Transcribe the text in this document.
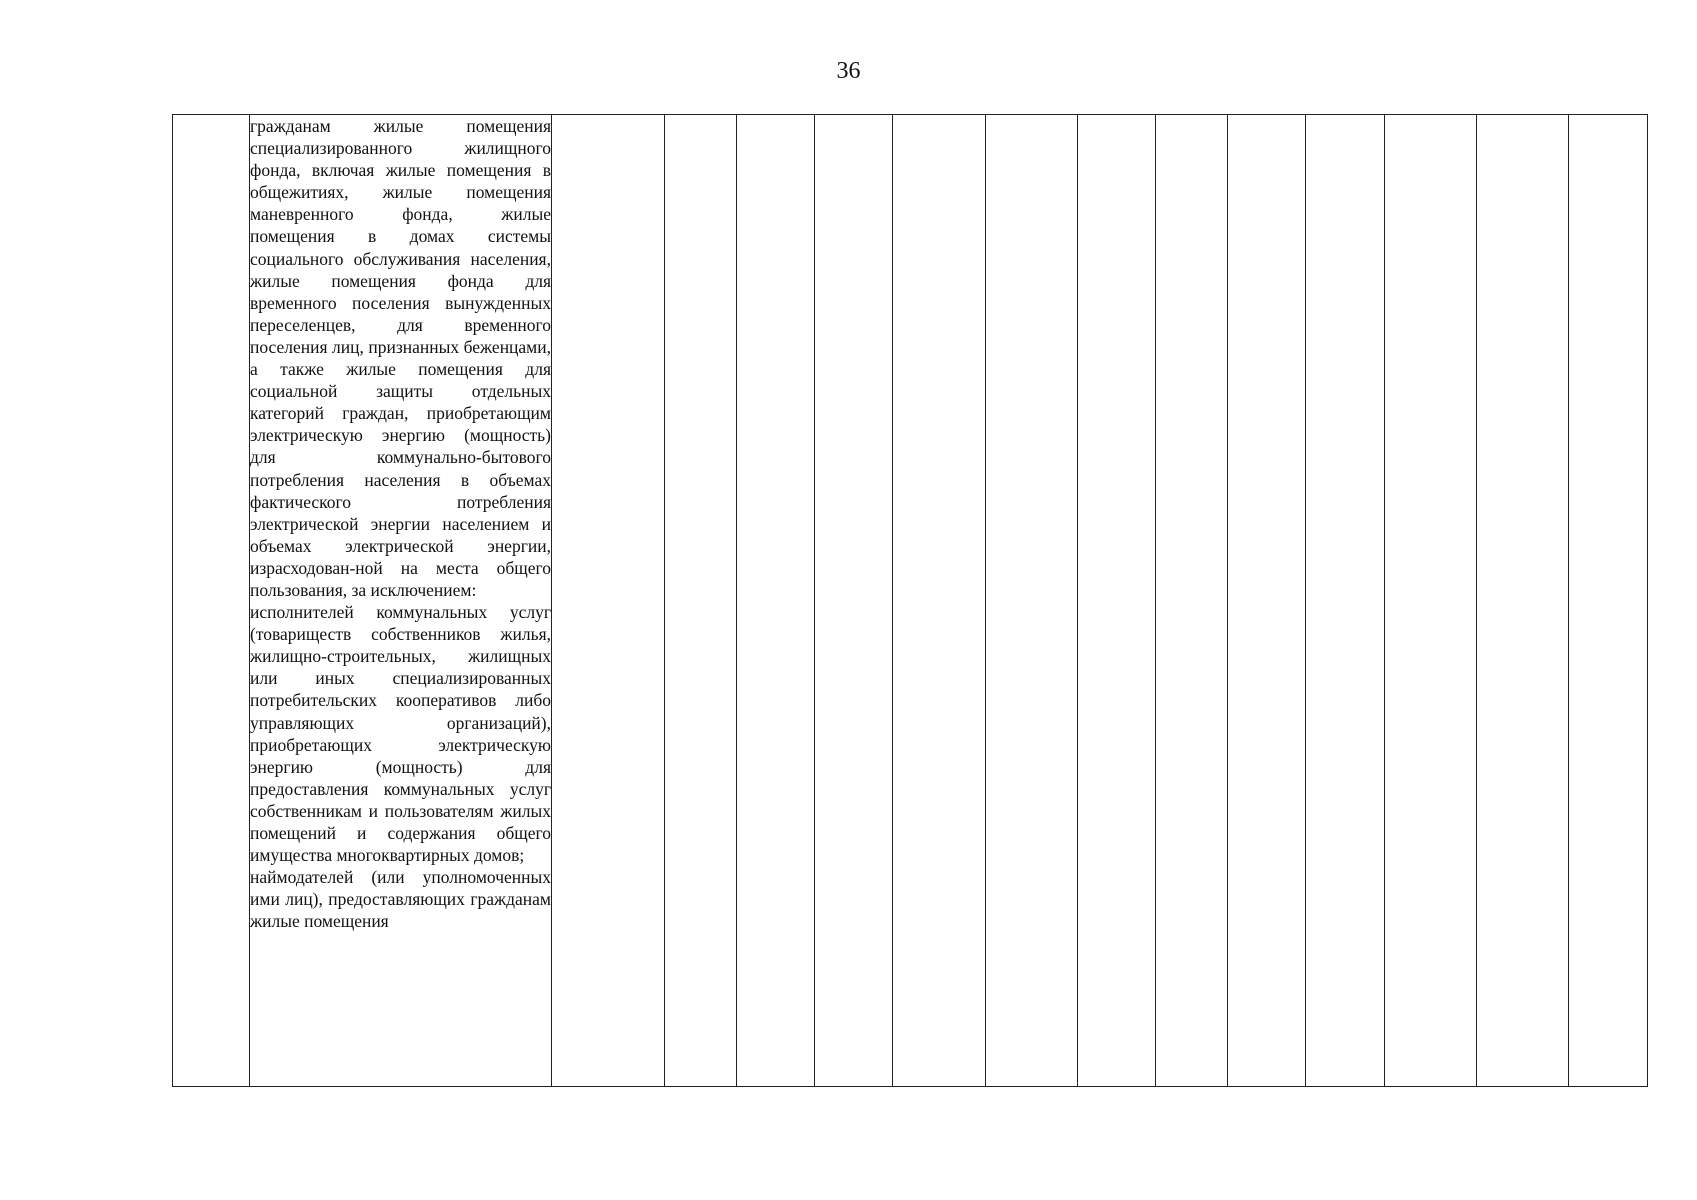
36

гражданам жилые помещения специализированного жилищного фонда, включая жилые помещения в общежитиях, жилые помещения маневренного фонда, жилые помещения в домах системы социального обслуживания населения, жилые помещения фонда для временного поселения вынужденных переселенцев, для временного поселения лиц, признанных беженцами, а также жилые помещения для социальной защиты отдельных категорий граждан, приобретающим электрическую энергию (мощность) для коммунально-бытового потребления населения в объемах фактического потребления электрической энергии населением и объемах электрической энергии, израсходован-ной на места общего пользования, за исключением:
исполнителей коммунальных услуг (товариществ собственников жилья, жилищно-строительных, жилищных или иных специализированных потребительских кооперативов либо управляющих организаций), приобретающих электрическую энергию (мощность) для предоставления коммунальных услуг собственникам и пользователям жилых помещений и содержания общего имущества многоквартирных домов;
наймодателей (или уполномоченных ими лиц), предоставляющих гражданам жилые помещения
